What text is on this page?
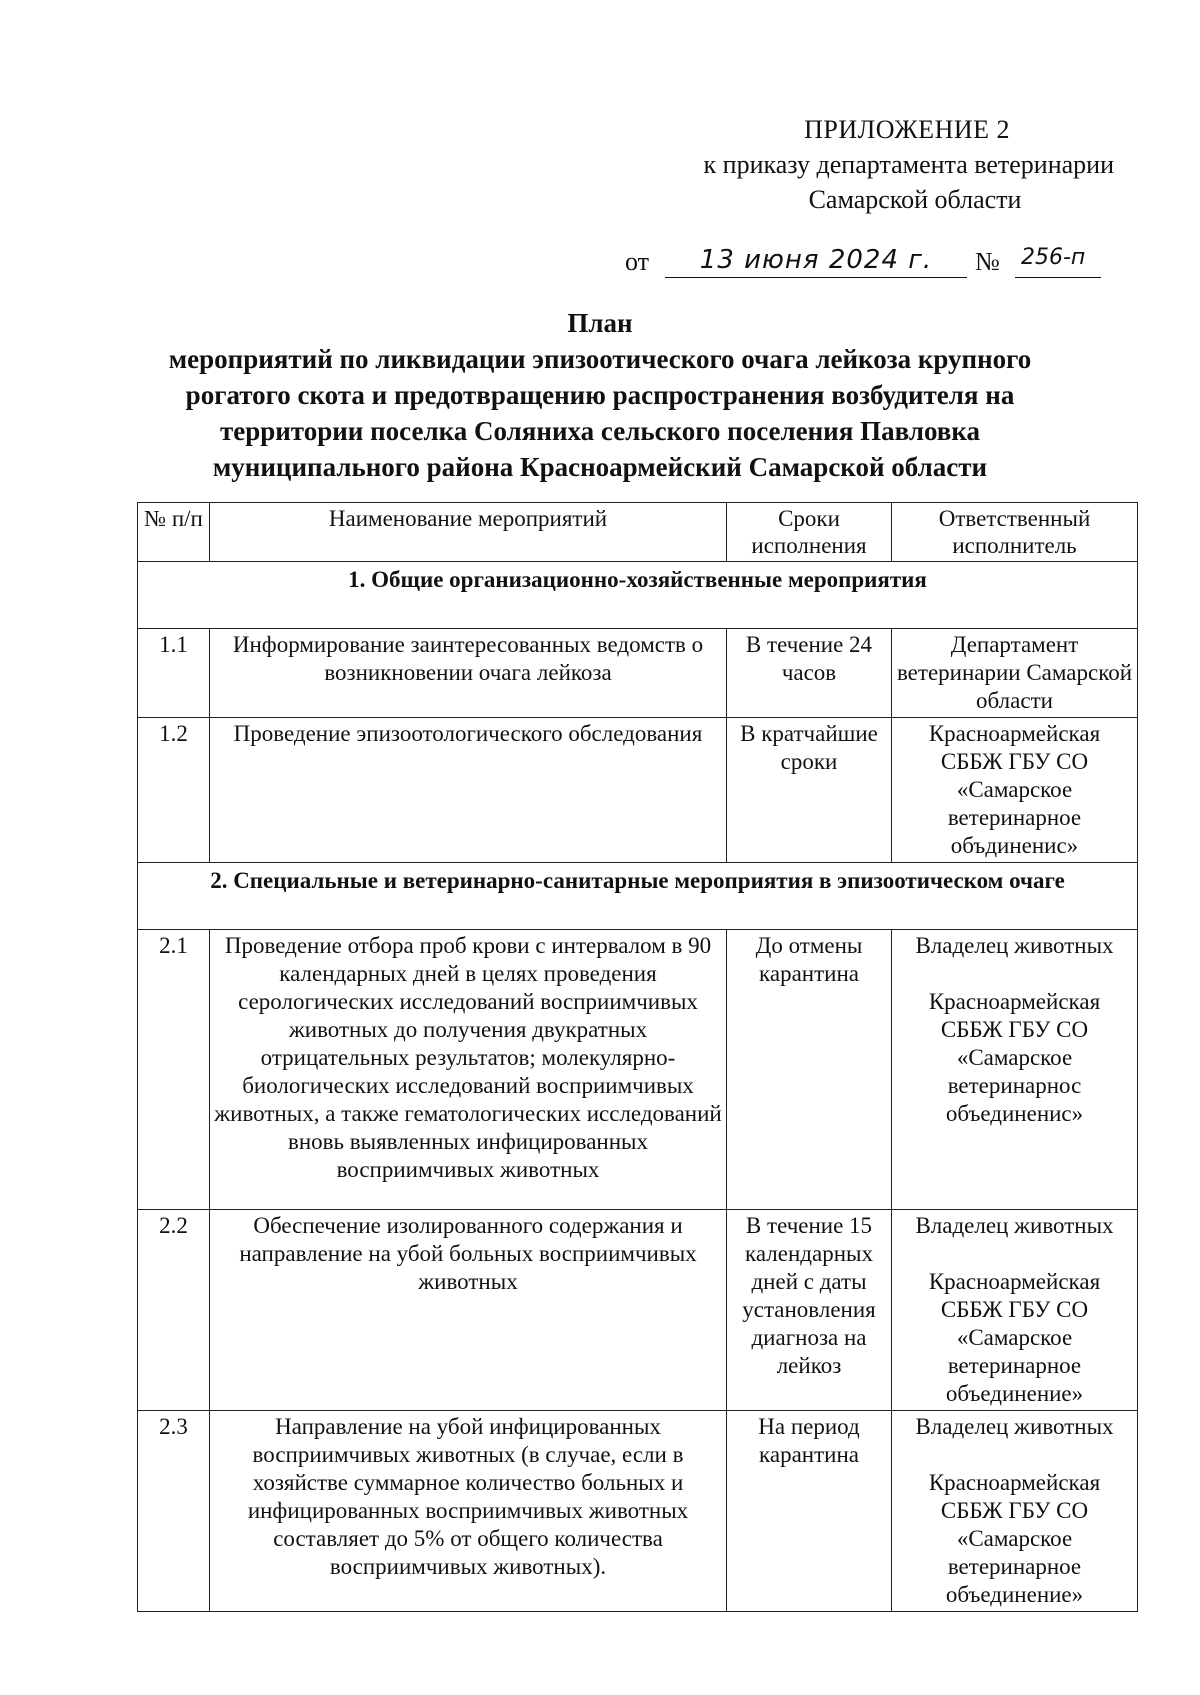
ПРИЛОЖЕНИЕ 2
к приказу департамента ветеринарии
Самарской области
от	13 июня 2024 г.	№ 256-п
План
мероприятий по ликвидации эпизоотического очага лейкоза крупного рогатого скота и предотвращению распространения возбудителя на территории поселка Соляниха сельского поселения Павловка муниципального района Красноармейский Самарской области
№ п/п	Наименование мероприятий	Сроки исполнения	Ответственный исполнитель
1. Общие организационно-хозяйственные мероприятия			
1.1	Информирование заинтересованных ведомств о возникновении очага лейкоза	В течение 24 часов	Департамент ветеринарии Самарской области

1.2	Проведение эпизоотологического обследования	В кратчайшие сроки	Красноармейская СББЖ ГБУ СО «Самарское ветеринарное объдиненис»

2. Специальные и ветеринарно-санитарные мероприятия в эпизоотическом очаге			
2.1	Проведение отбора проб крови с интервалом в 90 календарных дней в целях проведения серологических исследований восприимчивых животных до получения двукратных отрицательных результатов; молекулярно-биологических исследований восприимчивых животных, а также гематологических исследований вновь выявленных инфицированных восприимчивых животных	До отмены карантина	Владелец животных
Красноармейская СББЖ ГБУ СО «Самарское ветеринарнос объединенис»

2.2	Обеспечение изолированного содержания и направление на убой больных восприимчивых животных	В течение 15 календарных дней с даты установления диагноза на лейкоз	Владелец животных
Красноармейская СББЖ ГБУ СО «Самарское ветеринарное объединение»

2.3	Направление на убой инфицированных восприимчивых животных (в случае, если в хозяйстве суммарное количество больных и инфицированных восприимчивых животных составляет до 5% от общего количества восприимчивых животных).	На период карантина	Владелец животных
Красноармейская СББЖ ГБУ СО «Самарское ветеринарное объединение»
